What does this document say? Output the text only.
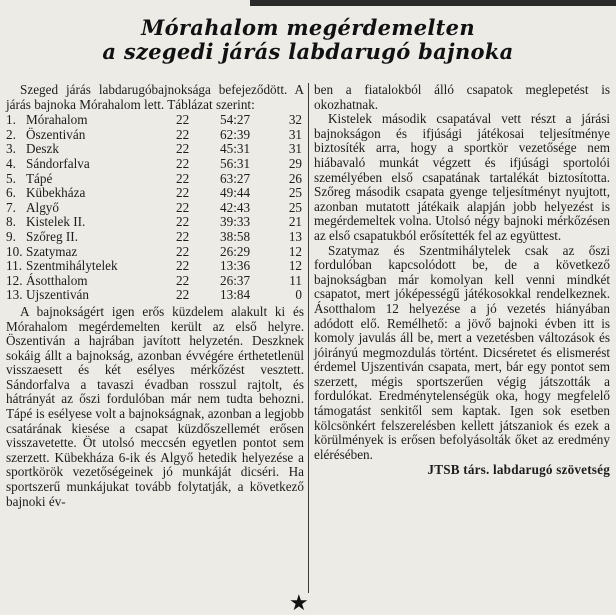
Mórahalom megérdemelten
a szegedi járás labdarugó bajnoka

Szeged járás labdarugóbajnoksága befejeződött. A járás bajnoka Mórahalom lett. Táblázat szerint:

1.	Mórahalom	22	54:27	32
2.	Öszentiván	22	62:39	31
3.	Deszk	22	45:31	31
4.	Sándorfalva	22	56:31	29
5.	Tápé	22	63:27	26
6.	Kübekháza	22	49:44	25
7.	Algyő	22	42:43	25
8.	Kistelek II.	22	39:33	21
9.	Szőreg II.	22	38:58	13
10.	Szatymaz	22	26:29	12
11.	Szentmihálytelek	22	13:36	12
12.	Ásotthalom	22	26:37	11
13.	Ujszentiván	22	13:84	0

A bajnokságért igen erős küzdelem alakult ki és Mórahalom megérdemelten került az első helyre. Öszentiván a hajrában javított helyzetén. Deszknek sokáig állt a bajnokság, azonban évvégére érthetetlenül visszaesett és két esélyes mérkőzést vesztett. Sándorfalva a tavaszi évadban rosszul rajtolt, és hátrányát az őszi fordulóban már nem tudta behozni. Tápé is esélyese volt a bajnokságnak, azonban a legjobb csatárának kiesése a csapat küzdőszellemét erősen visszavetette. Öt utolsó meccsén egyetlen pontot sem szerzett. Kübekháza 6-ik és Algyő hetedik helyezése a sportkörök vezetőségeinek jó munkáját dicséri. Ha sportszerű munkájukat tovább folytatják, a következő bajnoki év-

ben a fiatalokból álló csapatok meglepetést is okozhatnak.

Kistelek második csapatával vett részt a járási bajnokságon és ifjúsági játékosai teljesítménye biztosíték arra, hogy a sportkör vezetősége nem hiábavaló munkát végzett és ifjúsági sportolói személyében első csapatának tartalékát biztosította. Szőreg második csapata gyenge teljesítményt nyujtott, azonban mutatott játékaik alapján jobb helyezést is megérdemeltek volna. Utolsó négy bajnoki mérkőzésen az első csapatukból erősítették fel az együttest.

Szatymaz és Szentmihálytelek csak az őszi fordulóban kapcsolódott be, de a következő bajnokságban már komolyan kell venni mindkét csapatot, mert jóképességű játékosokkal rendelkeznek. Ásotthalom 12 helyezése a jó vezetés hiányában adódott elő. Remélhető: a jövő bajnoki évben itt is komoly javulás áll be, mert a vezetésben változások és jóirányú megmozdulás történt. Dicséretet és elismerést érdemel Ujszentiván csapata, mert, bár egy pontot sem szerzett, mégis sportszerűen végig játszották a fordulókat. Eredménytelenségük oka, hogy megfelelő támogatást senkitől sem kaptak. Igen sok esetben kölcsönkért felszerelésben kellett játszaniok és ezek a körülmények is erősen befolyásolták őket az eredmény elérésében.

JTSB társ. labdarugó szövetség
★
